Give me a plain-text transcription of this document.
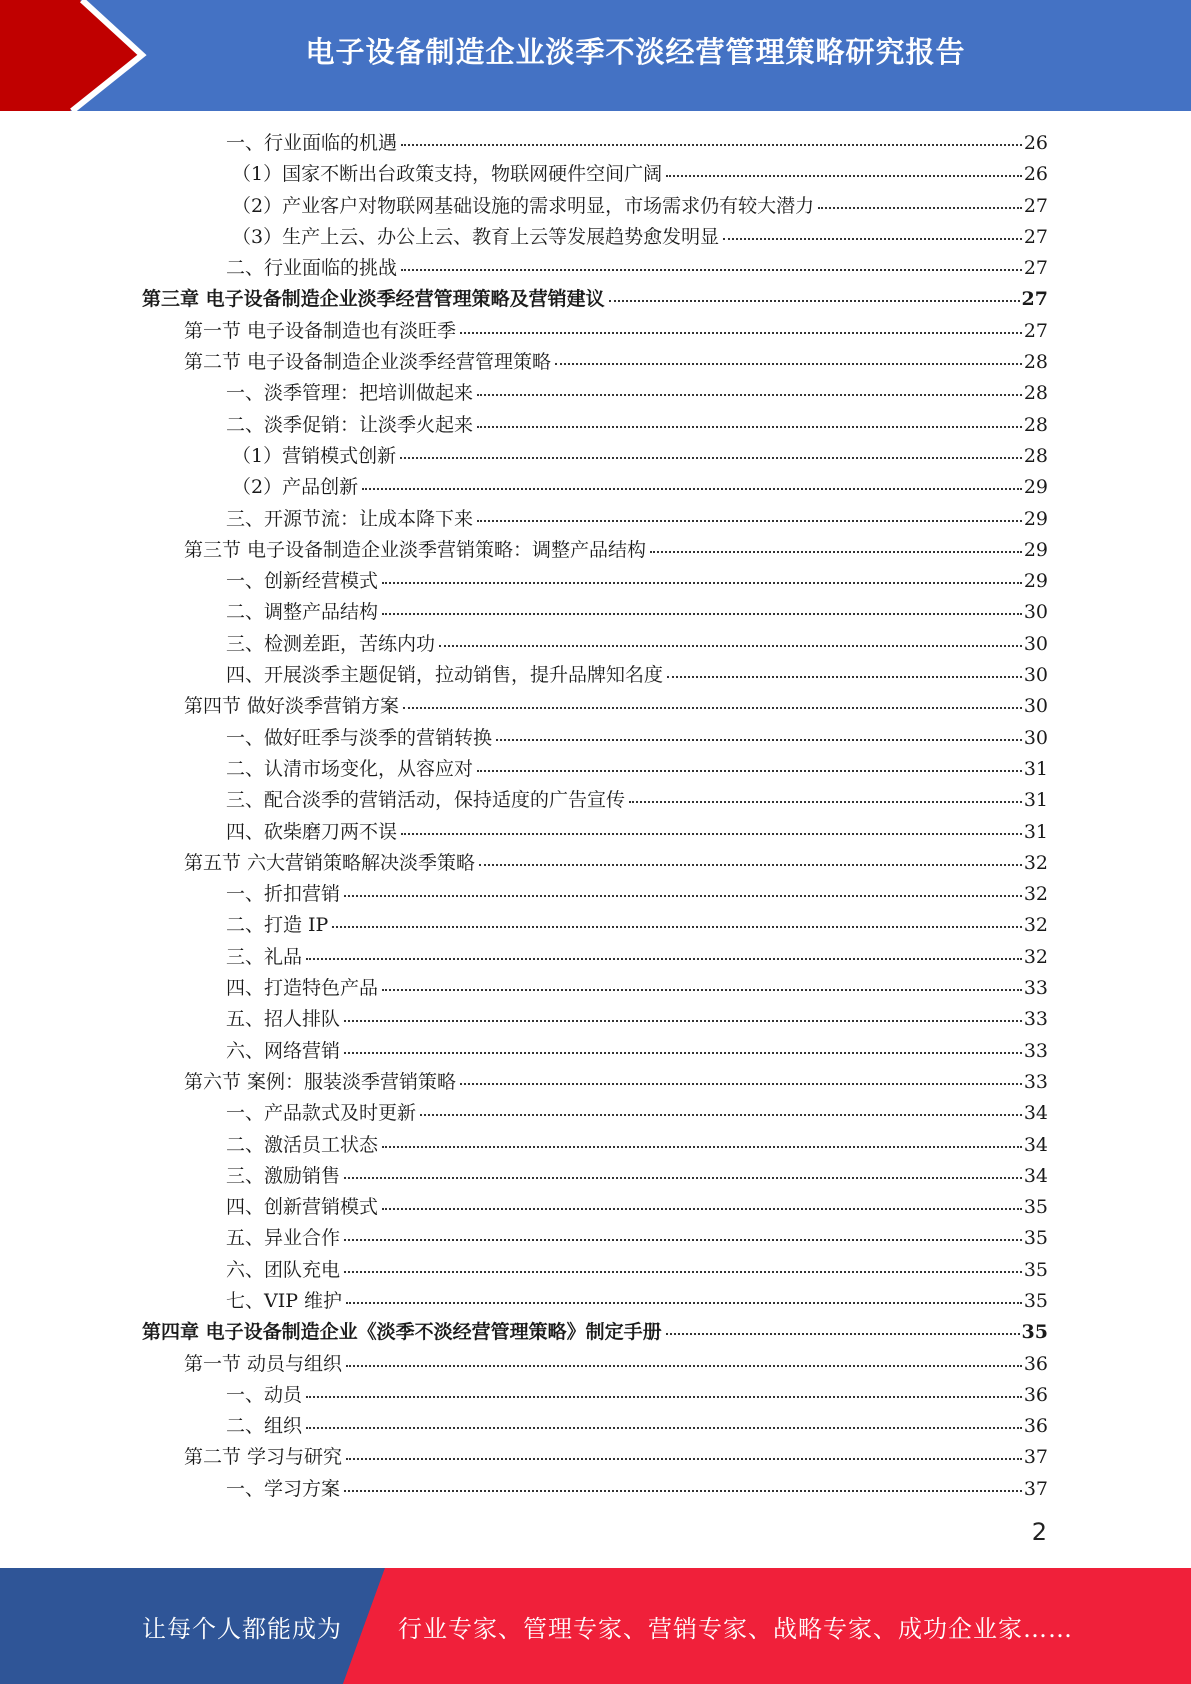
电子设备制造企业淡季不淡经营管理策略研究报告
一、行业面临的机遇	26
（1）国家不断出台政策支持，物联网硬件空间广阔	26
（2）产业客户对物联网基础设施的需求明显，市场需求仍有较大潜力	27
（3）生产上云、办公上云、教育上云等发展趋势愈发明显	27
二、行业面临的挑战	27
第三章 电子设备制造企业淡季经营管理策略及营销建议	27
第一节 电子设备制造也有淡旺季	27
第二节 电子设备制造企业淡季经营管理策略	28
一、淡季管理：把培训做起来	28
二、淡季促销：让淡季火起来	28
（1）营销模式创新	28
（2）产品创新	29
三、开源节流：让成本降下来	29
第三节 电子设备制造企业淡季营销策略：调整产品结构	29
一、创新经营模式	29
二、调整产品结构	30
三、检测差距，苦练内功	30
四、开展淡季主题促销，拉动销售，提升品牌知名度	30
第四节 做好淡季营销方案	30
一、做好旺季与淡季的营销转换	30
二、认清市场变化，从容应对	31
三、配合淡季的营销活动，保持适度的广告宣传	31
四、砍柴磨刀两不误	31
第五节 六大营销策略解决淡季策略	32
一、折扣营销	32
二、打造 IP	32
三、礼品	32
四、打造特色产品	33
五、招人排队	33
六、网络营销	33
第六节 案例：服装淡季营销策略	33
一、产品款式及时更新	34
二、激活员工状态	34
三、激励销售	34
四、创新营销模式	35
五、异业合作	35
六、团队充电	35
七、VIP 维护	35
第四章 电子设备制造企业《淡季不淡经营管理策略》制定手册	35
第一节 动员与组织	36
一、动员	36
二、组织	36
第二节 学习与研究	37
一、学习方案	37
2
让每个人都能成为	行业专家、管理专家、营销专家、战略专家、成功企业家……
